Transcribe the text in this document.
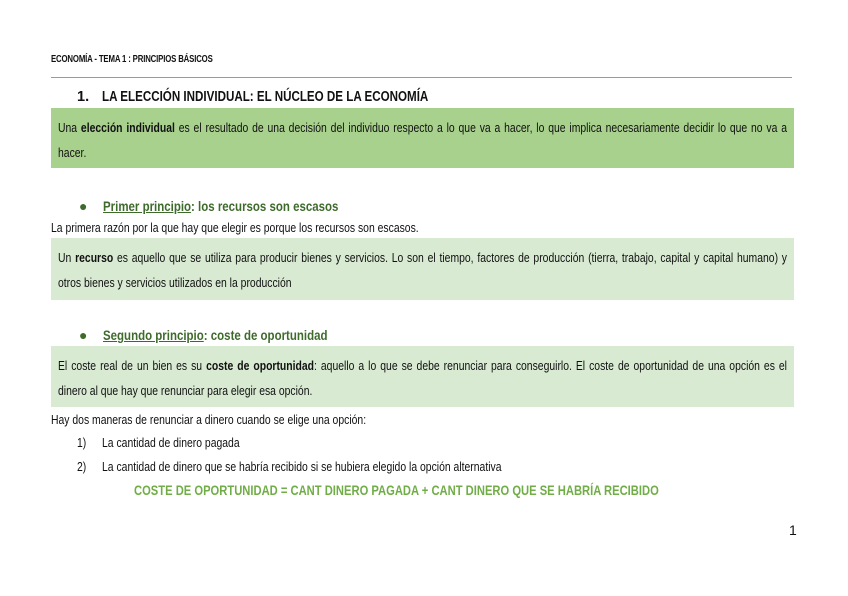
ECONOMÍA - TEMA 1 : PRINCIPIOS BÁSICOS
1. LA ELECCIÓN INDIVIDUAL: EL NÚCLEO DE LA ECONOMÍA

Una elección individual es el resultado de una decisión del individuo respecto a lo que va a hacer, lo que implica necesariamente decidir lo que no va a hacer.

● Primer principio: los recursos son escasos
La primera razón por la que hay que elegir es porque los recursos son escasos.

Un recurso es aquello que se utiliza para producir bienes y servicios. Lo son el tiempo, factores de producción (tierra, trabajo, capital y capital humano) y otros bienes y servicios utilizados en la producción

● Segundo principio: coste de oportunidad

El coste real de un bien es su coste de oportunidad: aquello a lo que se debe renunciar para conseguirlo. El coste de oportunidad de una opción es el dinero al que hay que renunciar para elegir esa opción.

Hay dos maneras de renunciar a dinero cuando se elige una opción:
1) La cantidad de dinero pagada
2) La cantidad de dinero que se habría recibido si se hubiera elegido la opción alternativa
COSTE DE OPORTUNIDAD = CANT DINERO PAGADA + CANT DINERO QUE SE HABRÍA RECIBIDO
1
